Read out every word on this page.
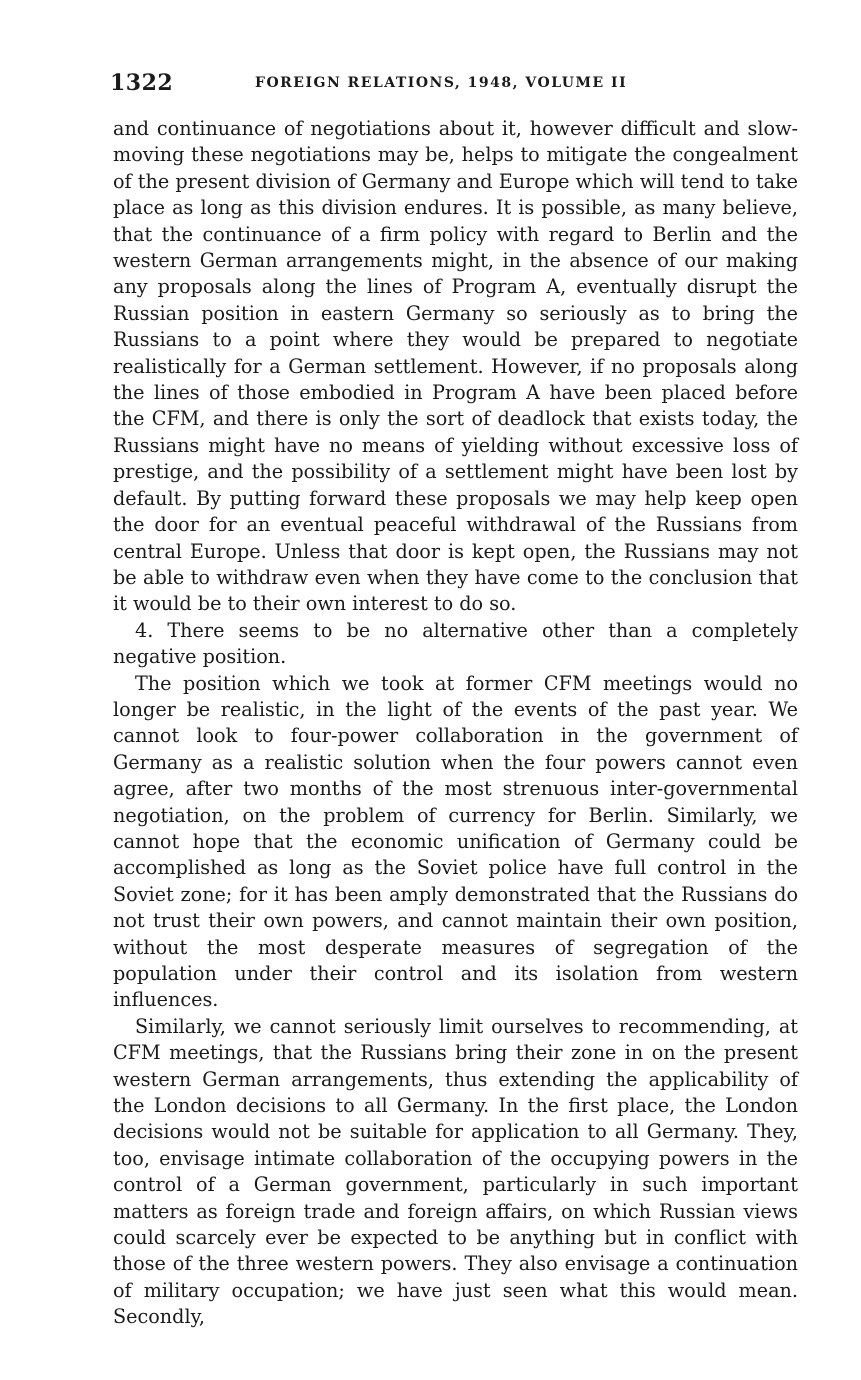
1322	FOREIGN RELATIONS, 1948, VOLUME II

and continuance of negotiations about it, however difficult and slow-moving these negotiations may be, helps to mitigate the congealment of the present division of Germany and Europe which will tend to take place as long as this division endures. It is possible, as many believe, that the continuance of a firm policy with regard to Berlin and the western German arrangements might, in the absence of our making any proposals along the lines of Program A, eventually disrupt the Russian position in eastern Germany so seriously as to bring the Russians to a point where they would be prepared to negotiate realistically for a German settlement. However, if no proposals along the lines of those embodied in Program A have been placed before the CFM, and there is only the sort of deadlock that exists today, the Russians might have no means of yielding without excessive loss of prestige, and the possibility of a settlement might have been lost by default. By putting forward these proposals we may help keep open the door for an eventual peaceful withdrawal of the Russians from central Europe. Unless that door is kept open, the Russians may not be able to withdraw even when they have come to the conclusion that it would be to their own interest to do so.

4. There seems to be no alternative other than a completely negative position.

The position which we took at former CFM meetings would no longer be realistic, in the light of the events of the past year. We cannot look to four-power collaboration in the government of Germany as a realistic solution when the four powers cannot even agree, after two months of the most strenuous inter-governmental negotiation, on the problem of currency for Berlin. Similarly, we cannot hope that the economic unification of Germany could be accomplished as long as the Soviet police have full control in the Soviet zone; for it has been amply demonstrated that the Russians do not trust their own powers, and cannot maintain their own position, without the most desperate measures of segregation of the population under their control and its isolation from western influences.

Similarly, we cannot seriously limit ourselves to recommending, at CFM meetings, that the Russians bring their zone in on the present western German arrangements, thus extending the applicability of the London decisions to all Germany. In the first place, the London decisions would not be suitable for application to all Germany. They, too, envisage intimate collaboration of the occupying powers in the control of a German government, particularly in such important matters as foreign trade and foreign affairs, on which Russian views could scarcely ever be expected to be anything but in conflict with those of the three western powers. They also envisage a continuation of military occupation; we have just seen what this would mean. Secondly,
